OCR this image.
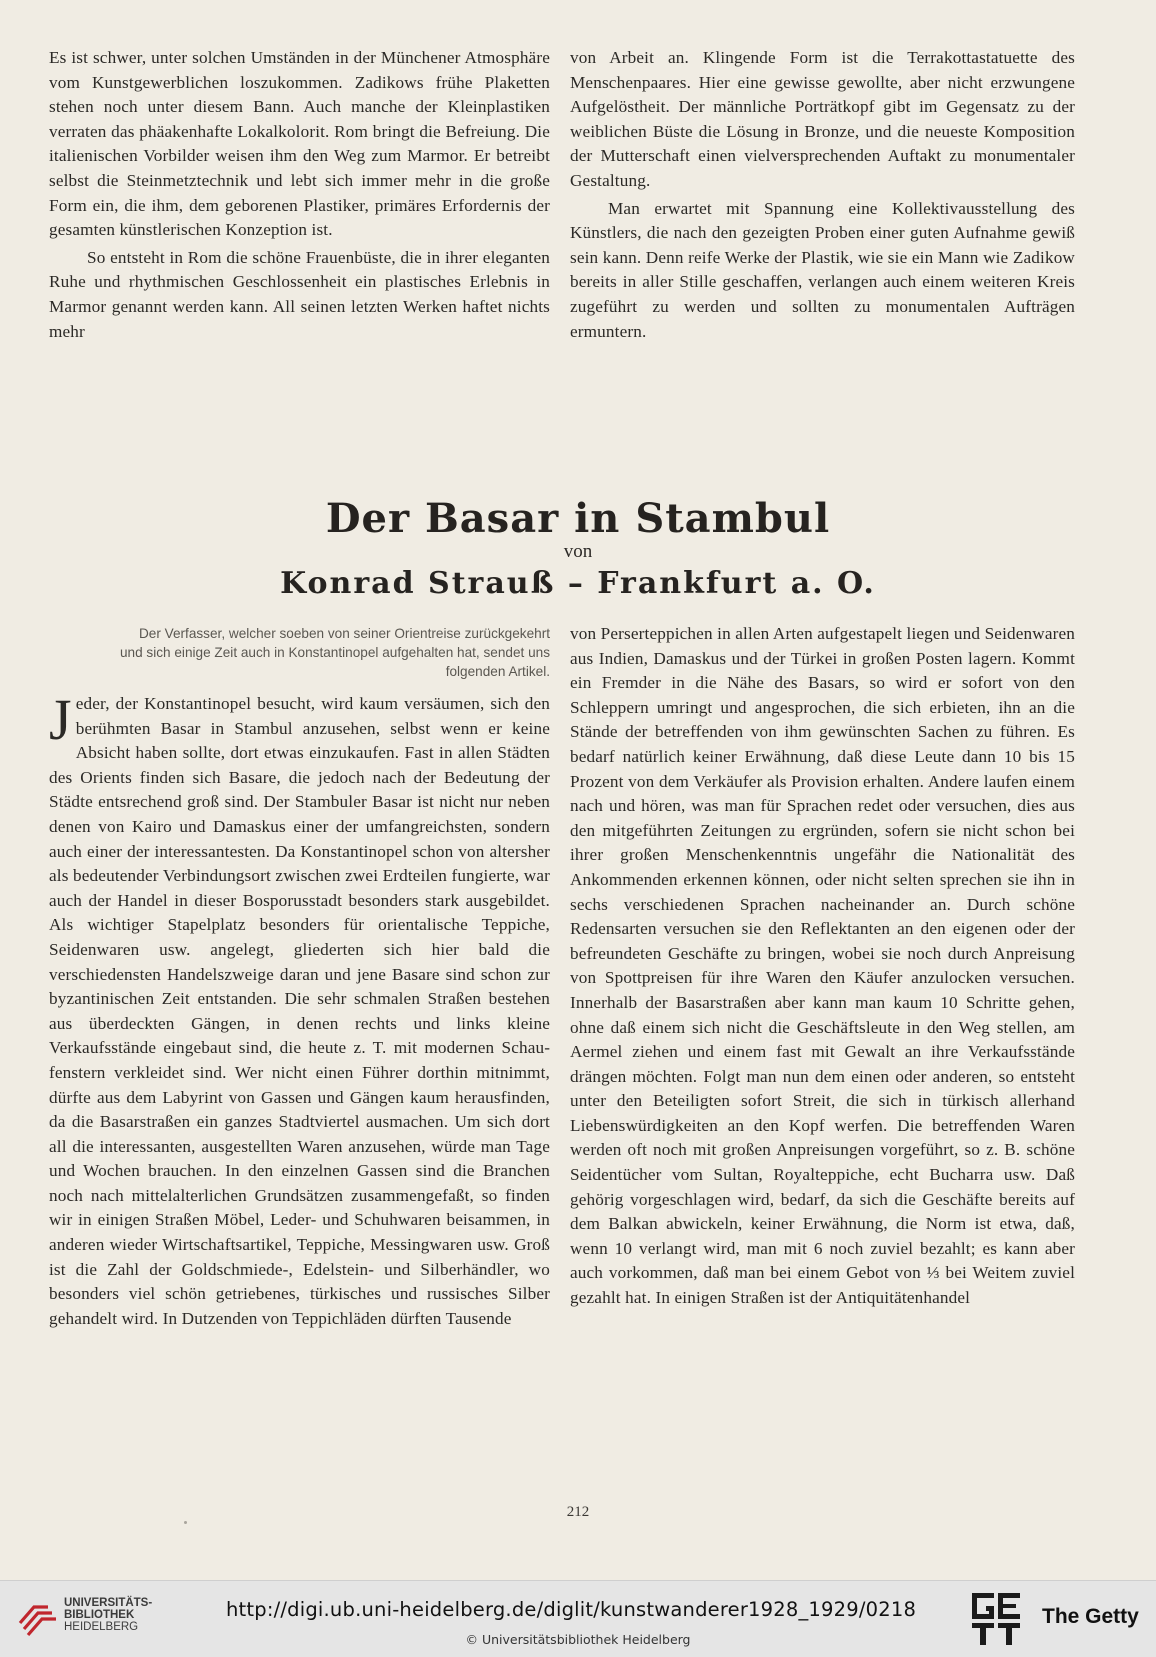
Es ist schwer, unter solchen Umständen in der Münchener Atmosphäre vom Kunstgewerblichen loszukommen. Zadikows frühe Plaketten stehen noch unter diesem Bann. Auch manche der Kleinplastiken verraten das phäakenhafte Lokalkolorit. Rom bringt die Befreiung. Die italienischen Vorbilder weisen ihm den Weg zum Marmor. Er betreibt selbst die Steinmetztechnik und lebt sich immer mehr in die große Form ein, die ihm, dem geborenen Plastiker, primäres Erfordernis der gesamten künstlerischen Konzeption ist.

So entsteht in Rom die schöne Frauenbüste, die in ihrer eleganten Ruhe und rhythmischen Geschlossenheit ein plastisches Erlebnis in Marmor genannt werden kann. All seinen letzten Werken haftet nichts mehr

von Arbeit an. Klingende Form ist die Terrakottastatuette des Menschenpaares. Hier eine gewisse gewollte, aber nicht erzwungene Aufgelöstheit. Der männliche Porträtkopf gibt im Gegensatz zu der weiblichen Büste die Lösung in Bronze, und die neueste Komposition der Mutterschaft einen vielversprechenden Auftakt zu monumentaler Gestaltung.

Man erwartet mit Spannung eine Kollektivausstellung des Künstlers, die nach den gezeigten Proben einer guten Aufnahme gewiß sein kann. Denn reife Werke der Plastik, wie sie ein Mann wie Zadikow bereits in aller Stille geschaffen, verlangen auch einem weiteren Kreis zugeführt zu werden und sollten zu monumentalen Aufträgen ermuntern.

Der Basar in Stambul
von
Konrad Strauß – Frankfurt a. O.
Der Verfasser, welcher soeben von seiner Orientreise zurückgekehrt und sich einige Zeit auch in Konstantinopel aufgehalten hat, sendet uns folgenden Artikel.
J eder, der Konstantinopel besucht, wird kaum versäumen, sich den berühmten Basar in Stambul anzusehen, selbst wenn er keine Absicht haben sollte, dort etwas einzukaufen. Fast in allen Städten des Orients finden sich Basare, die jedoch nach der Bedeutung der Städte entsrechend groß sind. Der Stambuler Basar ist nicht nur neben denen von Kairo und Damaskus einer der umfangreichsten, sondern auch einer der interessantesten. Da Konstantinopel schon von altersher als bedeutender Verbindungsort zwischen zwei Erdteilen fungierte, war auch der Handel in dieser Bosporusstadt besonders stark ausgebildet. Als wichtiger Stapelplatz besonders für orientalische Teppiche, Seidenwaren usw. angelegt, gliederten sich hier bald die verschiedensten Handelszweige daran und jene Basare sind schon zur byzantinischen Zeit entstanden. Die sehr schmalen Straßen bestehen aus überdeckten Gängen, in denen rechts und links kleine Verkaufsstände eingebaut sind, die heute z. T. mit modernen Schaufenstern verkleidet sind. Wer nicht einen Führer dorthin mitnimmt, dürfte aus dem Labyrint von Gassen und Gängen kaum herausfinden, da die Basarstraßen ein ganzes Stadtviertel ausmachen. Um sich dort all die interessanten, ausgestellten Waren anzusehen, würde man Tage und Wochen brauchen. In den einzelnen Gassen sind die Branchen noch nach mittelalterlichen Grundsätzen zusammengefaßt, so finden wir in einigen Straßen Möbel, Leder- und Schuhwaren beisammen, in anderen wieder Wirtschaftsartikel, Teppiche, Messingwaren usw. Groß ist die Zahl der Goldschmiede-, Edelstein- und Silberhändler, wo besonders viel schön getriebenes, türkisches und russisches Silber gehandelt wird. In Dutzenden von Teppichläden dürften Tausende

von Perserteppichen in allen Arten aufgestapelt liegen und Seidenwaren aus Indien, Damaskus und der Türkei in großen Posten lagern. Kommt ein Fremder in die Nähe des Basars, so wird er sofort von den Schleppern umringt und angesprochen, die sich erbieten, ihn an die Stände der betreffenden von ihm gewünschten Sachen zu führen. Es bedarf natürlich keiner Erwähnung, daß diese Leute dann 10 bis 15 Prozent von dem Verkäufer als Provision erhalten. Andere laufen einem nach und hören, was man für Sprachen redet oder versuchen, dies aus den mitgeführten Zeitungen zu ergründen, sofern sie nicht schon bei ihrer großen Menschenkenntnis ungefähr die Nationalität des Ankommenden erkennen können, oder nicht selten sprechen sie ihn in sechs verschiedenen Sprachen nacheinander an. Durch schöne Redensarten versuchen sie den Reflektanten an den eigenen oder der befreundeten Geschäfte zu bringen, wobei sie noch durch Anpreisung von Spottpreisen für ihre Waren den Käufer anzulocken versuchen. Innerhalb der Basarstraßen aber kann man kaum 10 Schritte gehen, ohne daß einem sich nicht die Geschäftsleute in den Weg stellen, am Aermel ziehen und einem fast mit Gewalt an ihre Verkaufsstände drängen möchten. Folgt man nun dem einen oder anderen, so entsteht unter den Beteiligten sofort Streit, die sich in türkisch allerhand Liebenswürdigkeiten an den Kopf werfen. Die betreffenden Waren werden oft noch mit großen Anpreisungen vorgeführt, so z. B. schöne Seidentücher vom Sultan, Royalteppiche, echt Bucharra usw. Daß gehörig vorgeschlagen wird, bedarf, da sich die Geschäfte bereits auf dem Balkan abwickeln, keiner Erwähnung, die Norm ist etwa, daß, wenn 10 verlangt wird, man mit 6 noch zuviel bezahlt; es kann aber auch vorkommen, daß man bei einem Gebot von ⅓ bei Weitem zuviel gezahlt hat. In einigen Straßen ist der Antiquitätenhandel

212
UNIVERSITÄTS-
BIBLIOTHEK
HEIDELBERG
http://digi.ub.uni-heidelberg.de/diglit/kunstwanderer1928_1929/0218
© Universitätsbibliothek Heidelberg
The Getty
